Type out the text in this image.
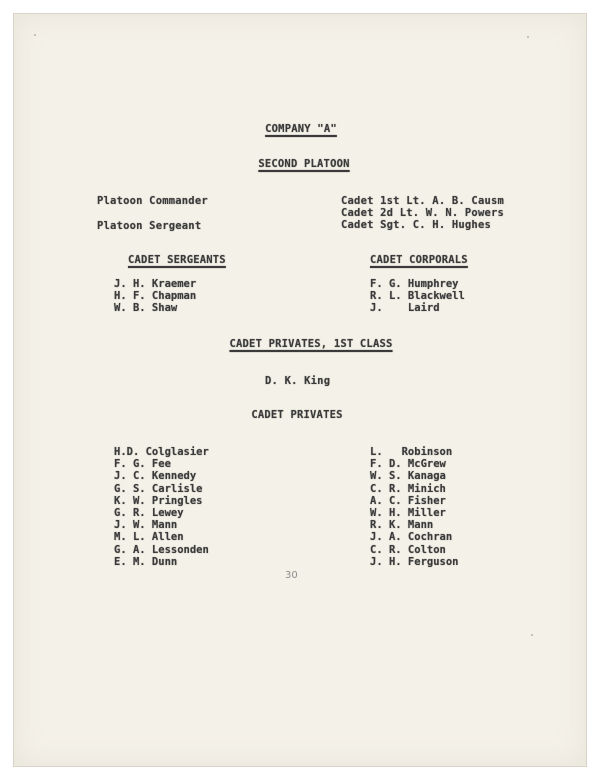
COMPANY "A"
SECOND PLATOON
Platoon Commander
Platoon Sergeant
Cadet 1st Lt. A. B. Causm
Cadet 2d Lt. W. N. Powers
Cadet Sgt. C. H. Hughes
CADET SERGEANTS
J. H. Kraemer
H. F. Chapman
W. B. Shaw
CADET CORPORALS
F. G. Humphrey
R. L. Blackwell
J.    Laird
CADET PRIVATES, 1ST CLASS
D. K. King
CADET PRIVATES
H.D. Colglasier
F. G. Fee
J. C. Kennedy
G. S. Carlisle
K. W. Pringles
G. R. Lewey
J. W. Mann
M. L. Allen
G. A. Lessonden
E. M. Dunn
L.   Robinson
F. D. McGrew
W. S. Kanaga
C. R. Minich
A. C. Fisher
W. H. Miller
R. K. Mann
J. A. Cochran
C. R. Colton
J. H. Ferguson
30
